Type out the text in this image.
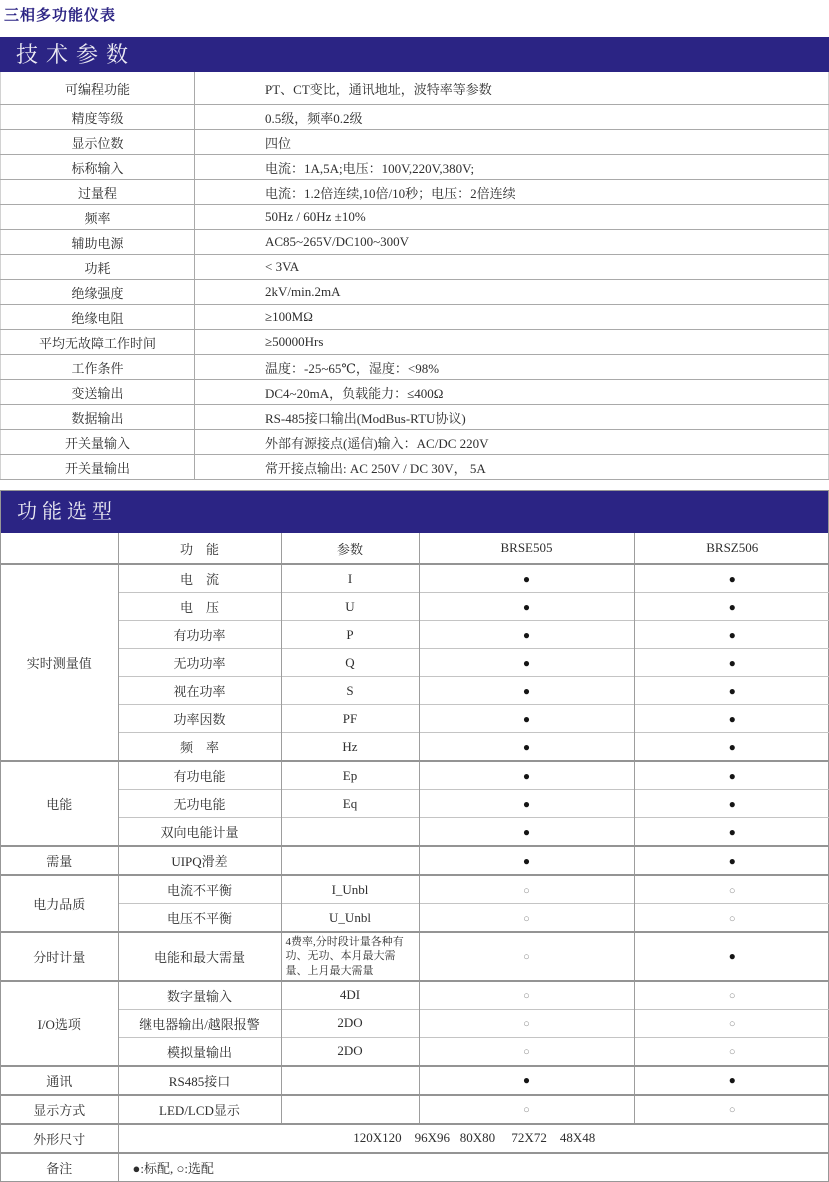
三相多功能仪表
技术参数
可编程功能	PT、CT变比，通讯地址，波特率等参数
精度等级	0.5级，频率0.2级
显示位数	四位
标称输入	电流：1A,5A;电压：100V,220V,380V;
过量程	电流：1.2倍连续,10倍/10秒；电压：2倍连续
频率	50Hz / 60Hz ±10%
辅助电源	AC85~265V/DC100~300V
功耗	< 3VA
绝缘强度	2kV/min.2mA
绝缘电阻	≥100MΩ
平均无故障工作时间	≥50000Hrs
工作条件	温度：-25~65℃，湿度：<98%
变送输出	DC4~20mA，负载能力：≤400Ω
数据输出	RS-485接口输出(ModBus-RTU协议)
开关量输入	外部有源接点(遥信)输入：AC/DC 220V
开关量输出	常开接点输出: AC 250V / DC 30V， 5A
功能选型
	功　能	参数	BRSE505	BRSZ506
实时测量值	电　流	I	●	●
	电　压	U	●	●
	有功功率	P	●	●
	无功功率	Q	●	●
	视在功率	S	●	●
	功率因数	PF	●	●
	频　率	Hz	●	●
电能	有功电能	Ep	●	●
	无功电能	Eq	●	●
	双向电能计量		●	●
需量	UIPQ滑差		●	●
电力品质	电流不平衡	I_Unbl	○	○
	电压不平衡	U_Unbl	○	○
分时计量	电能和最大需量	4费率,分时段计量各种有功、无功、本月最大需量、上月最大需量	○	●
I/O选项	数字量输入	4DI	○	○
	继电器输出/越限报警	2DO	○	○
	模拟量输出	2DO	○	○
通讯	RS485接口		●	●
显示方式	LED/LCD显示		○	○
外形尺寸	120X120    96X96   80X80     72X72    48X48			
备注	●:标配, ○:选配			
